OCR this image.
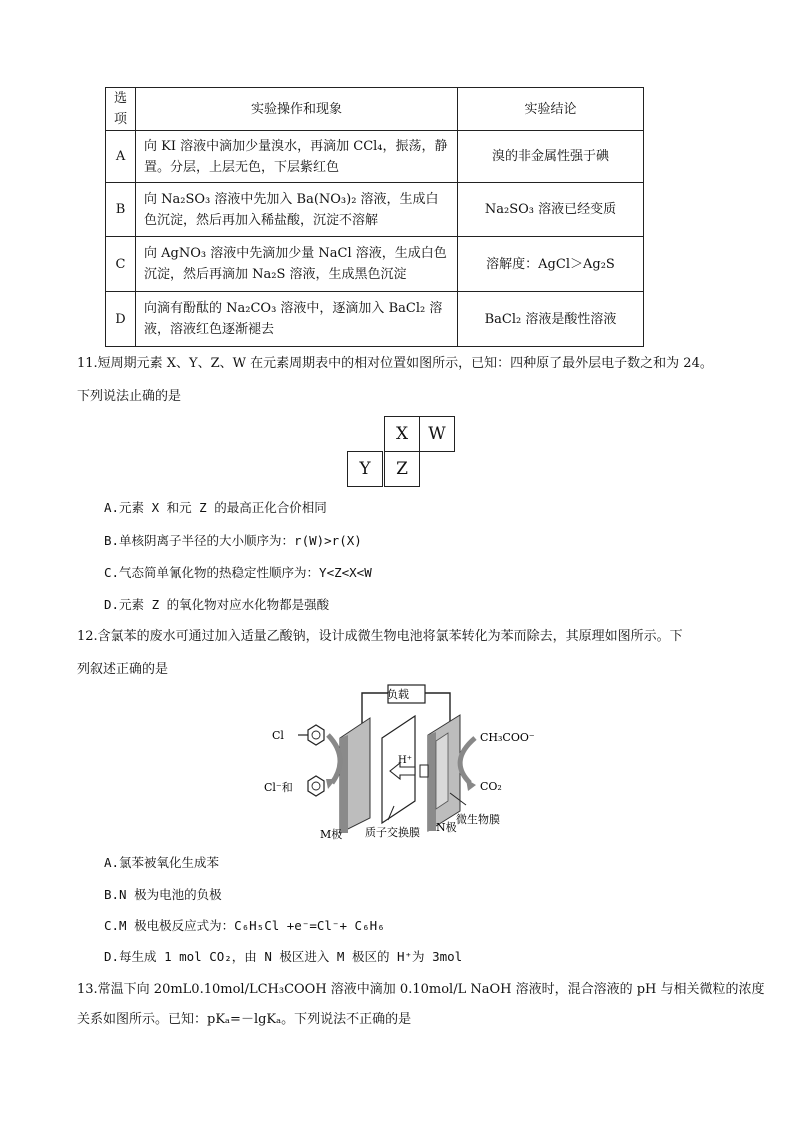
选项	实验操作和现象	实验结论
A	向 KI 溶液中滴加少量溴水，再滴加 CCl₄，振荡，静
置。分层，上层无色，下层紫红色	溴的非金属性强于碘
B	向 Na₂SO₃ 溶液中先加入 Ba(NO₃)₂ 溶液，生成白
色沉淀，然后再加入稀盐酸，沉淀不溶解	Na₂SO₃ 溶液已经变质
C	向 AgNO₃ 溶液中先滴加少量 NaCl 溶液，生成白色
沉淀，然后再滴加 Na₂S 溶液，生成黑色沉淀	溶解度：AgCl＞Ag₂S
D	向滴有酚酞的 Na₂CO₃ 溶液中，逐滴加入 BaCl₂ 溶
液，溶液红色逐渐褪去	BaCl₂ 溶液是酸性溶液
11.短周期元素 X、Y、Z、W 在元素周期表中的相对位置如图所示，已知：四种原了最外层电子数之和为 24。
下列说法止确的是
X	W
Y	Z
A.元素 X 和元 Z 的最高正化合价相同
B.单核阴离子半径的大小顺序为：r(W)>r(X)
C.气态简单氰化物的热稳定性顺序为：Y<Z<X<W
D.元素 Z 的氧化物对应水化物都是强酸
12.含氯苯的废水可通过加入适量乙酸钠，设计成微生物电池将氯苯转化为苯而除去，其原理如图所示。下
列叙述正确的是
负载
Cl
Cl⁻和
H⁺
CH₃COO⁻
CO₂
M极 质子交换膜 N极
微生物膜
A.氯苯被氧化生成苯
B.N 极为电池的负极
C.M 极电极反应式为：C₆H₅Cl +e⁻=Cl⁻+ C₆H₆
D.每生成 1 mol CO₂，由 N 极区进入 M 极区的 H⁺为 3mol
13.常温下向 20mL0.10mol/LCH₃COOH 溶液中滴加 0.10mol/L NaOH 溶液时，混合溶液的 pH 与相关微粒的浓度
关系如图所示。已知：pKₐ=－lgKₐ。下列说法不正确的是
